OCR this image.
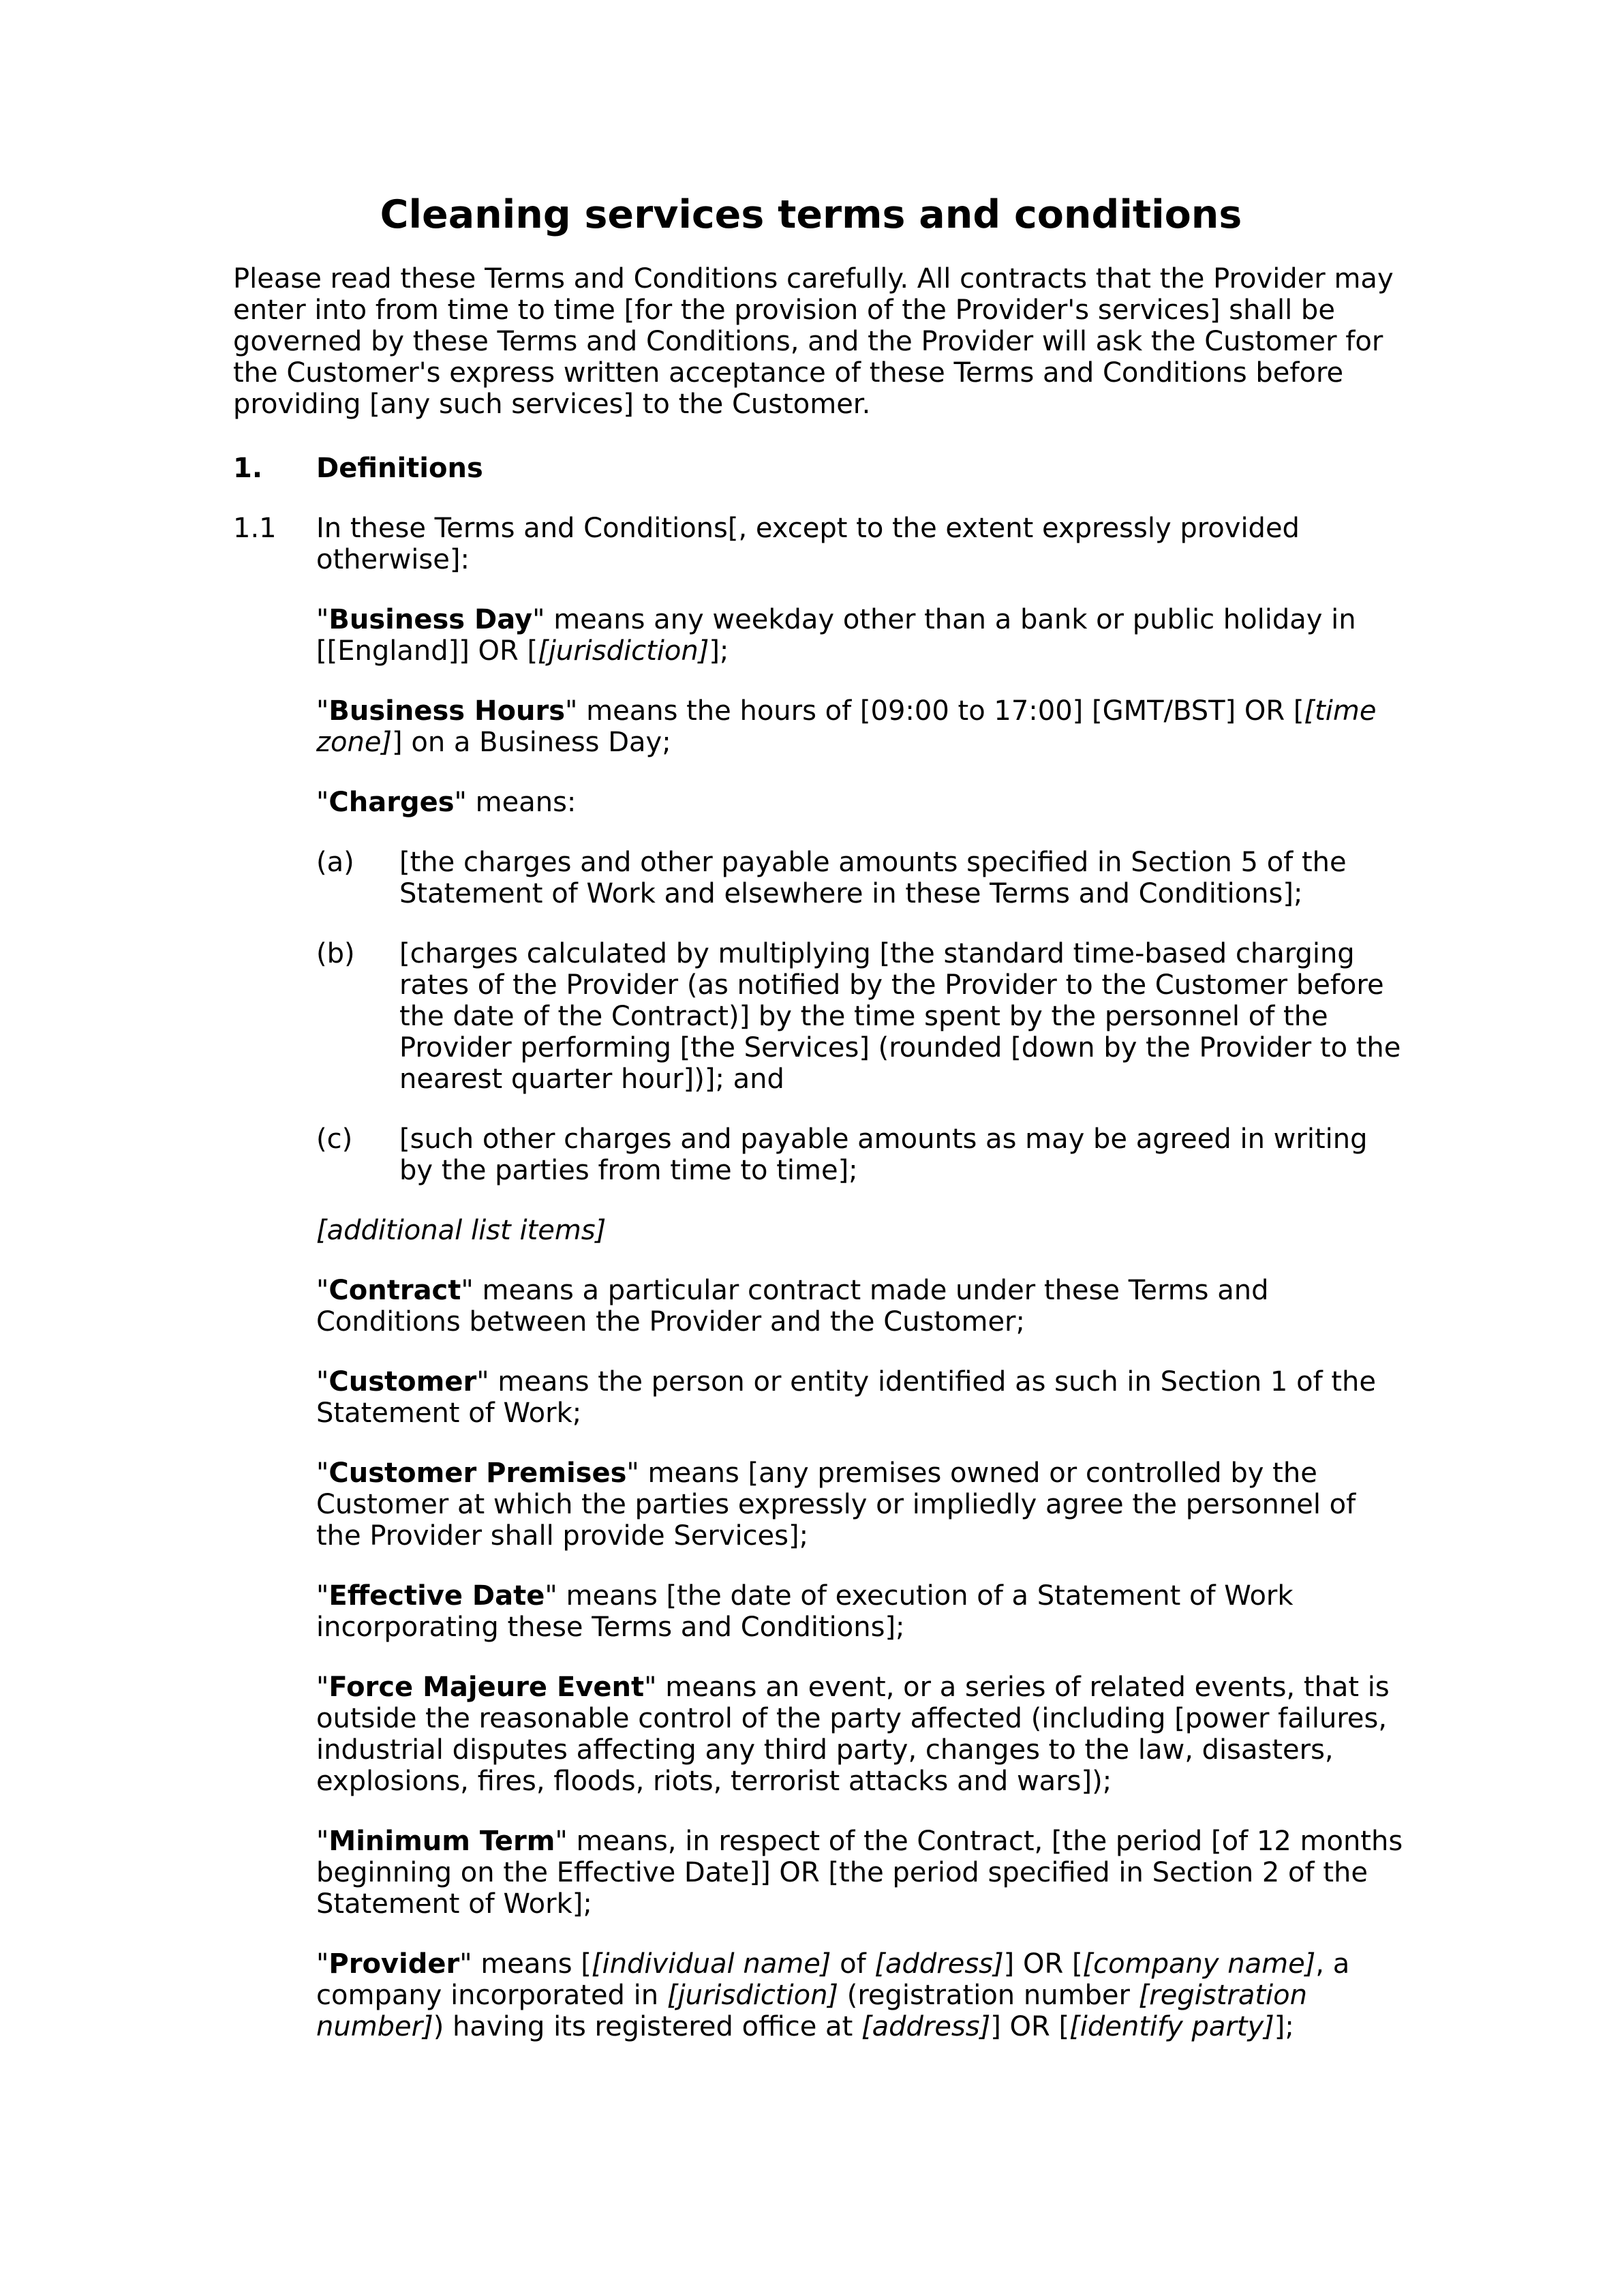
Cleaning services terms and conditions
Please read these Terms and Conditions carefully. All contracts that the Provider may enter into from time to time [for the provision of the Provider's services] shall be governed by these Terms and Conditions, and the Provider will ask the Customer for the Customer's express written acceptance of these Terms and Conditions before providing [any such services] to the Customer.
1. Definitions
1.1 In these Terms and Conditions[, except to the extent expressly provided otherwise]:

"Business Day" means any weekday other than a bank or public holiday in [[England]] OR [[jurisdiction]];

"Business Hours" means the hours of [09:00 to 17:00] [GMT/BST] OR [[time zone]] on a Business Day;

"Charges" means:

(a) [the charges and other payable amounts specified in Section 5 of the Statement of Work and elsewhere in these Terms and Conditions];
(b) [charges calculated by multiplying [the standard time-based charging rates of the Provider (as notified by the Provider to the Customer before the date of the Contract)] by the time spent by the personnel of the Provider performing [the Services] (rounded [down by the Provider to the nearest quarter hour])]; and
(c) [such other charges and payable amounts as may be agreed in writing by the parties from time to time];

[additional list items]

"Contract" means a particular contract made under these Terms and Conditions between the Provider and the Customer;

"Customer" means the person or entity identified as such in Section 1 of the Statement of Work;

"Customer Premises" means [any premises owned or controlled by the Customer at which the parties expressly or impliedly agree the personnel of the Provider shall provide Services];

"Effective Date" means [the date of execution of a Statement of Work incorporating these Terms and Conditions];

"Force Majeure Event" means an event, or a series of related events, that is outside the reasonable control of the party affected (including [power failures, industrial disputes affecting any third party, changes to the law, disasters, explosions, fires, floods, riots, terrorist attacks and wars]);

"Minimum Term" means, in respect of the Contract, [the period [of 12 months beginning on the Effective Date]] OR [the period specified in Section 2 of the Statement of Work];

"Provider" means [[individual name] of [address]] OR [[company name], a company incorporated in [jurisdiction] (registration number [registration number]) having its registered office at [address]] OR [[identify party]];
